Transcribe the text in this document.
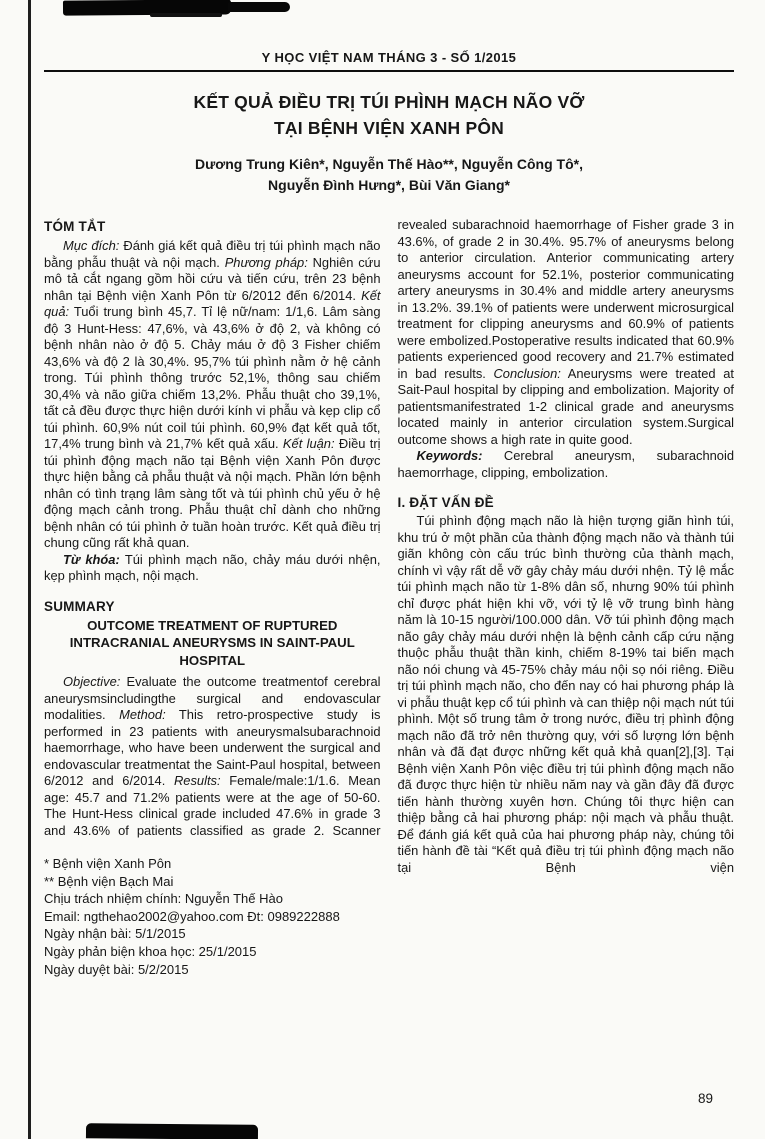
Y HỌC VIỆT NAM THÁNG 3 - SỐ 1/2015
KẾT QUẢ ĐIỀU TRỊ TÚI PHÌNH MẠCH NÃO VỠ
TẠI BỆNH VIỆN XANH PÔN
Dương Trung Kiên*, Nguyễn Thế Hào**, Nguyễn Công Tô*,
Nguyễn Đình Hưng*, Bùi Văn Giang*
TÓM TẮT

Mục đích: Đánh giá kết quả điều trị túi phình mạch não bằng phẫu thuật và nội mạch. Phương pháp: Nghiên cứu mô tả cắt ngang gồm hồi cứu và tiến cứu, trên 23 bệnh nhân tại Bệnh viện Xanh Pôn từ 6/2012 đến 6/2014. Kết quả: Tuổi trung bình 45,7. Tỉ lệ nữ/nam: 1/1,6. Lâm sàng độ 3 Hunt-Hess: 47,6%, và 43,6% ở độ 2, và không có bệnh nhân nào ở độ 5. Chảy máu ở độ 3 Fisher chiếm 43,6% và độ 2 là 30,4%. 95,7% túi phình nằm ở hệ cảnh trong. Túi phình thông trước 52,1%, thông sau chiếm 30,4% và não giữa chiếm 13,2%. Phẫu thuật cho 39,1%, tất cả đều được thực hiện dưới kính vi phẫu và kẹp clip cổ túi phình. 60,9% nút coil túi phình. 60,9% đạt kết quả tốt, 17,4% trung bình và 21,7% kết quả xấu. Kết luận: Điều trị túi phình động mạch não tại Bệnh viện Xanh Pôn được thực hiện bằng cả phẫu thuật và nội mạch. Phần lớn bệnh nhân có tình trạng lâm sàng tốt và túi phình chủ yếu ở hệ động mạch cảnh trong. Phẫu thuật chỉ dành cho những bệnh nhân có túi phình ở tuần hoàn trước. Kết quả điều trị chung cũng rất khả quan.

Từ khóa: Túi phình mạch não, chảy máu dưới nhện, kẹp phình mạch, nội mạch.

SUMMARY
OUTCOME TREATMENT OF RUPTURED INTRACRANIAL ANEURYSMS IN SAINT-PAUL HOSPITAL

Objective: Evaluate the outcome treatmentof cerebral aneurysmsincludingthe surgical and endovascular modalities. Method: This retro-prospective study is performed in 23 patients with aneurysmalsubarachnoid haemorrhage, who have been underwent the surgical and endovascular treatmentat the Saint-Paul hospital, between 6/2012 and 6/2014. Results: Female/male:1/1.6. Mean age: 45.7 and 71.2% patients were at the age of 50-60. The Hunt-Hess clinical grade included 47.6% in grade 3 and 43.6% of patients classified as grade 2. Scanner

* Bệnh viện Xanh Pôn
** Bệnh viện Bạch Mai
Chịu trách nhiệm chính: Nguyễn Thế Hào
Email: ngthehao2002@yahoo.com Đt: 0989222888
Ngày nhận bài: 5/1/2015
Ngày phản biện khoa học: 25/1/2015
Ngày duyệt bài: 5/2/2015

revealed subarachnoid haemorrhage of Fisher grade 3 in 43.6%, of grade 2 in 30.4%. 95.7% of aneurysms belong to anterior circulation. Anterior communicating artery aneurysms account for 52.1%, posterior communicating artery aneurysms in 30.4% and middle artery aneurysms in 13.2%. 39.1% of patients were underwent microsurgical treatment for clipping aneurysms and 60.9% of patients were embolized.Postoperative results indicated that 60.9% patients experienced good recovery and 21.7% estimated in bad results. Conclusion: Aneurysms were treated at Sait-Paul hospital by clipping and embolization. Majority of patientsmanifestrated 1-2 clinical grade and aneurysms located mainly in anterior circulation system.Surgical outcome shows a high rate in quite good.

Keywords: Cerebral aneurysm, subarachnoid haemorrhage, clipping, embolization.

I. ĐẶT VẤN ĐỀ

Túi phình động mạch não là hiện tượng giãn hình túi, khu trú ở một phần của thành động mạch não và thành túi giãn không còn cấu trúc bình thường của thành mạch, chính vì vậy rất dễ vỡ gây chảy máu dưới nhện. Tỷ lệ mắc túi phình mạch não từ 1-8% dân số, nhưng 90% túi phình chỉ được phát hiện khi vỡ, với tỷ lệ vỡ trung bình hàng năm là 10-15 người/100.000 dân. Vỡ túi phình động mạch não gây chảy máu dưới nhện là bệnh cảnh cấp cứu nặng thuộc phẫu thuật thần kinh, chiếm 8-19% tai biến mạch não nói chung và 45-75% chảy máu nội sọ nói riêng. Điều trị túi phình mạch não, cho đến nay có hai phương pháp là vi phẫu thuật kẹp cổ túi phình và can thiệp nội mạch nút túi phình. Một số trung tâm ở trong nước, điều trị phình động mạch não đã trở nên thường quy, với số lượng lớn bệnh nhân và đã đạt được những kết quả khả quan[2],[3]. Tại Bệnh viện Xanh Pôn việc điều trị túi phình động mạch não đã được thực hiện từ nhiều năm nay và gần đây đã được tiến hành thường xuyên hơn. Chúng tôi thực hiện can thiệp bằng cả hai phương pháp: nội mạch và phẫu thuật. Để đánh giá kết quả của hai phương pháp này, chúng tôi tiến hành đề tài “Kết quả điều trị túi phình động mạch não tại Bệnh viện

89
